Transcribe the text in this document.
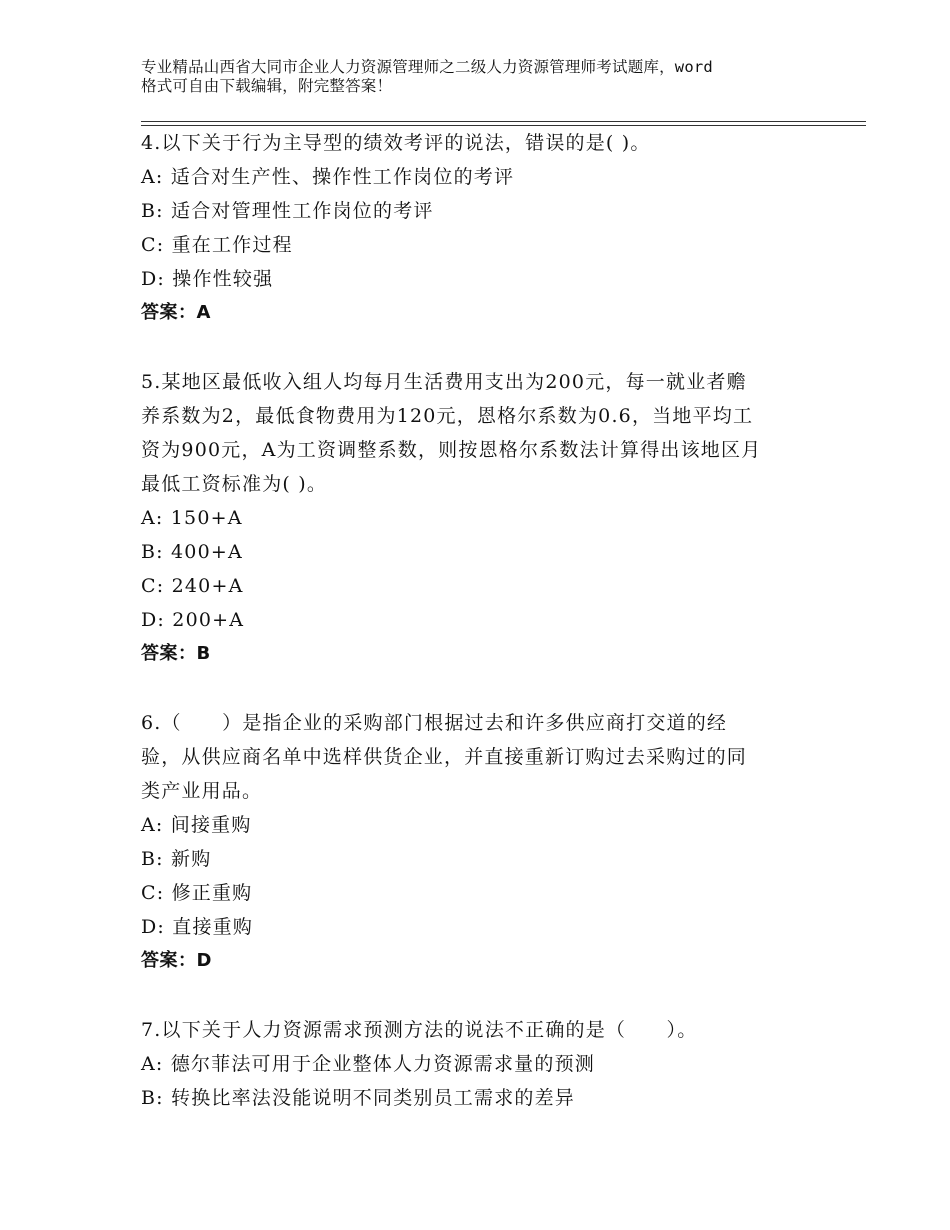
专业精品山西省大同市企业人力资源管理师之二级人力资源管理师考试题库，word
格式可自由下载编辑，附完整答案！

4.以下关于行为主导型的绩效考评的说法，错误的是( )。

A: 适合对生产性、操作性工作岗位的考评

B: 适合对管理性工作岗位的考评

C: 重在工作过程

D: 操作性较强

答案：A

5.某地区最低收入组人均每月生活费用支出为200元，每一就业者赡

养系数为2，最低食物费用为120元，恩格尔系数为0.6，当地平均工

资为900元，A为工资调整系数，则按恩格尔系数法计算得出该地区月

最低工资标准为( )。

A: 150+A

B: 400+A

C: 240+A

D: 200+A

答案：B

6.（　　）是指企业的采购部门根据过去和许多供应商打交道的经

验，从供应商名单中选样供货企业，并直接重新订购过去采购过的同

类产业用品。

A: 间接重购

B: 新购

C: 修正重购

D: 直接重购

答案：D

7.以下关于人力资源需求预测方法的说法不正确的是（　　）。

A: 德尔菲法可用于企业整体人力资源需求量的预测

B: 转换比率法没能说明不同类别员工需求的差异
